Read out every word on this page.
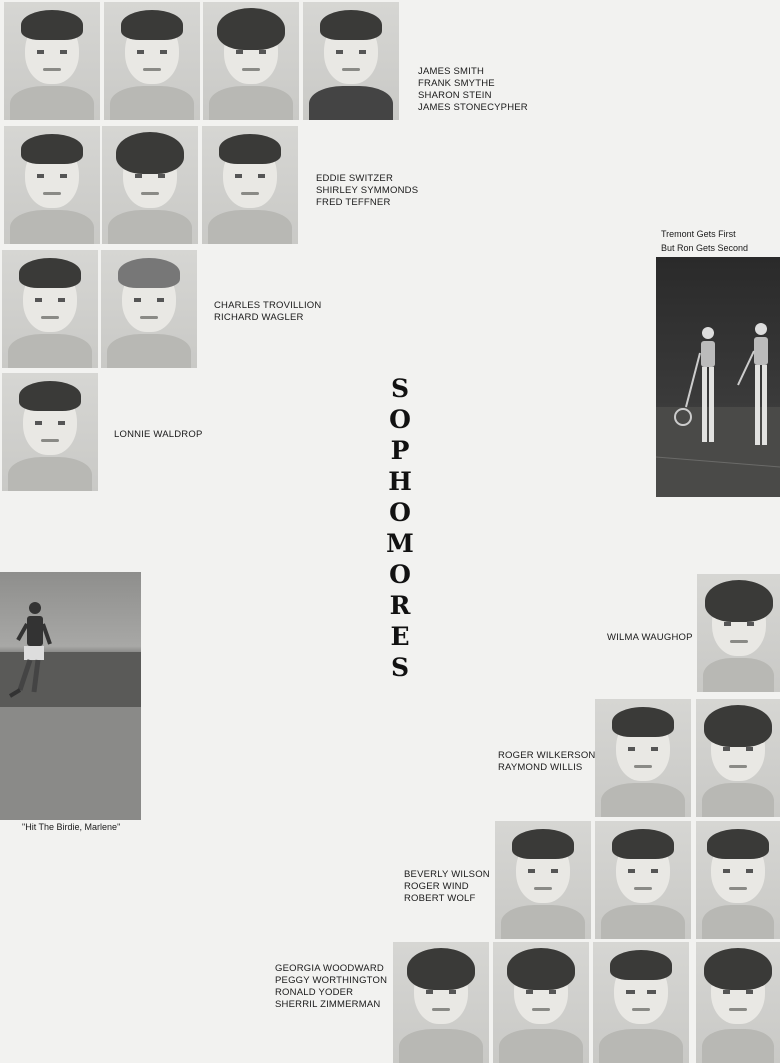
JAMES SMITH
FRANK SMYTHE
SHARON STEIN
JAMES STONECYPHER
EDDIE SWITZER
SHIRLEY SYMMONDS
FRED TEFFNER
CHARLES TROVILLION
RICHARD WAGLER
LONNIE WALDROP
Tremont Gets First
But Ron Gets Second
S
O
P
H
O
M
O
R
E
S
"Hit The Birdie, Marlene"
WILMA WAUGHOP
ROGER WILKERSON
RAYMOND WILLIS
BEVERLY WILSON
ROGER WIND
ROBERT WOLF
GEORGIA WOODWARD
PEGGY WORTHINGTON
RONALD YODER
SHERRIL ZIMMERMAN
